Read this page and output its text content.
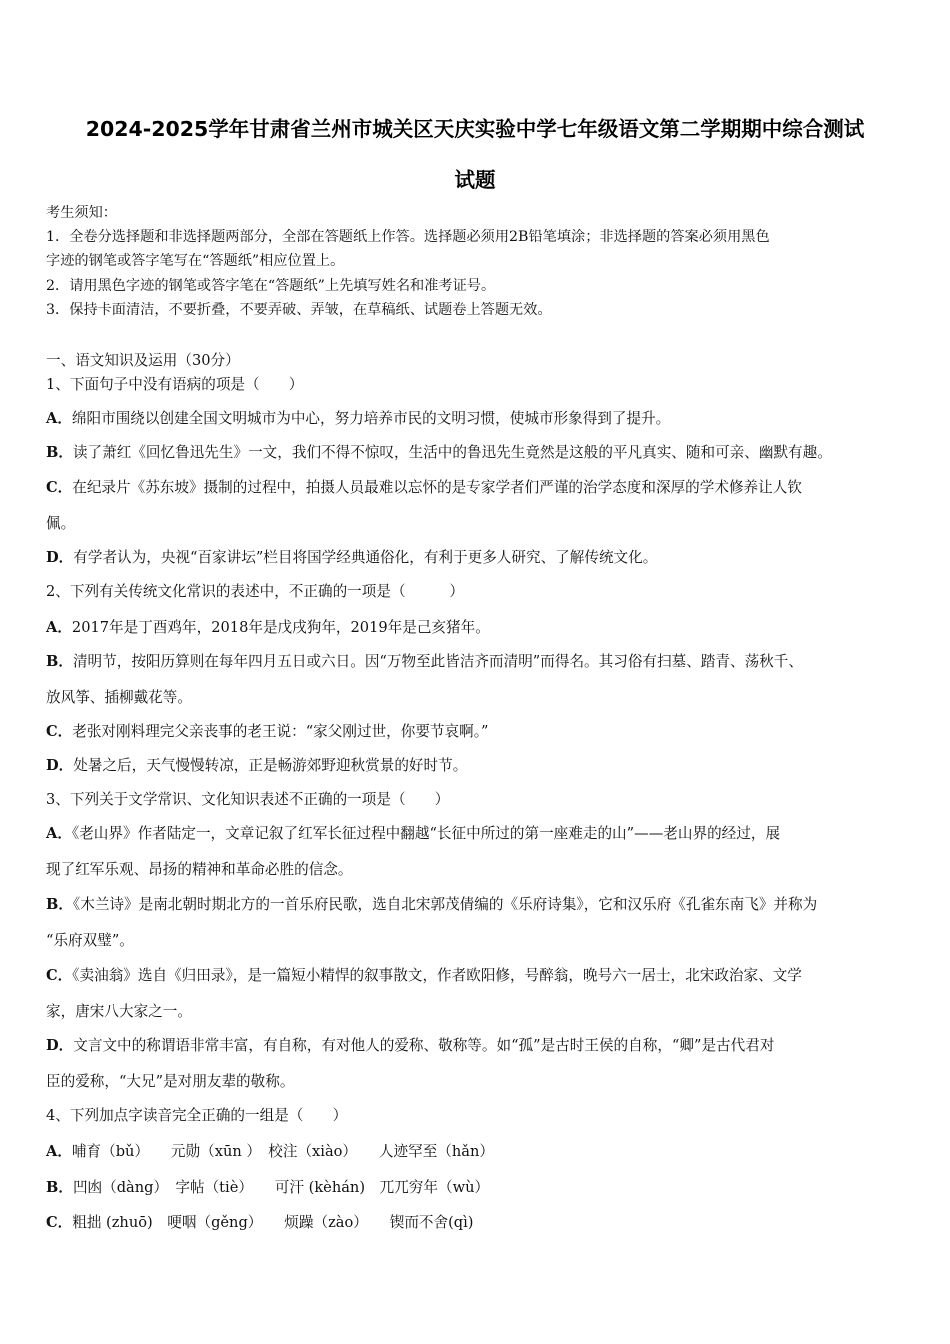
2024-2025学年甘肃省兰州市城关区天庆实验中学七年级语文第二学期期中综合测试
试题
考生须知：
1．全卷分选择题和非选择题两部分，全部在答题纸上作答。选择题必须用2B铅笔填涂；非选择题的答案必须用黑色
字迹的钢笔或答字笔写在“答题纸”相应位置上。
2．请用黑色字迹的钢笔或答字笔在“答题纸”上先填写姓名和准考证号。
3．保持卡面清洁，不要折叠，不要弄破、弄皱，在草稿纸、试题卷上答题无效。
一、语文知识及运用（30分）
1、下面句子中没有语病的项是（　　）
A．绵阳市围绕以创建全国文明城市为中心，努力培养市民的文明习惯，使城市形象得到了提升。
B．读了萧红《回忆鲁迅先生》一文，我们不得不惊叹，生活中的鲁迅先生竟然是这般的平凡真实、随和可亲、幽默有趣。
C．在纪录片《苏东坡》摄制的过程中，拍摄人员最难以忘怀的是专家学者们严谨的治学态度和深厚的学术修养让人钦
佩。
D．有学者认为，央视“百家讲坛”栏目将国学经典通俗化，有利于更多人研究、了解传统文化。
2、下列有关传统文化常识的表述中，不正确的一项是（　　　）
A．2017年是丁酉鸡年，2018年是戊戌狗年，2019年是己亥猪年。
B．清明节，按阳历算则在每年四月五日或六日。因“万物至此皆洁齐而清明”而得名。其习俗有扫墓、踏青、荡秋千、
放风筝、插柳戴花等。
C．老张对刚料理完父亲丧事的老王说：“家父刚过世，你要节哀啊。”
D．处暑之后，天气慢慢转凉，正是畅游郊野迎秋赏景的好时节。
3、下列关于文学常识、文化知识表述不正确的一项是（　　）
A．《老山界》作者陆定一，文章记叙了红军长征过程中翻越“长征中所过的第一座难走的山”——老山界的经过，展
现了红军乐观、昂扬的精神和革命必胜的信念。
B．《木兰诗》是南北朝时期北方的一首乐府民歌，选自北宋郭茂倩编的《乐府诗集》，它和汉乐府《孔雀东南飞》并称为
“乐府双璧”。
C．《卖油翁》选自《归田录》，是一篇短小精悍的叙事散文，作者欧阳修，号醉翁，晚号六一居士，北宋政治家、文学
家，唐宋八大家之一。
D．文言文中的称谓语非常丰富，有自称，有对他人的爱称、敬称等。如“孤”是古时王侯的自称，“卿”是古代君对
臣的爱称，“大兄”是对朋友辈的敬称。
4、下列加点字读音完全正确的一组是（　　）
A．哺育（bǔ）　　元勋（xūn ）　校注（xiào）　　人迹罕至（hǎn）
B．凹凼（dàng）　字帖（tiè）　　可汗 (kèhán)　兀兀穷年（wù）
C．粗拙 (zhuō)　哽咽（gěng）　　烦躁（zào）　　锲而不舍(qì)
